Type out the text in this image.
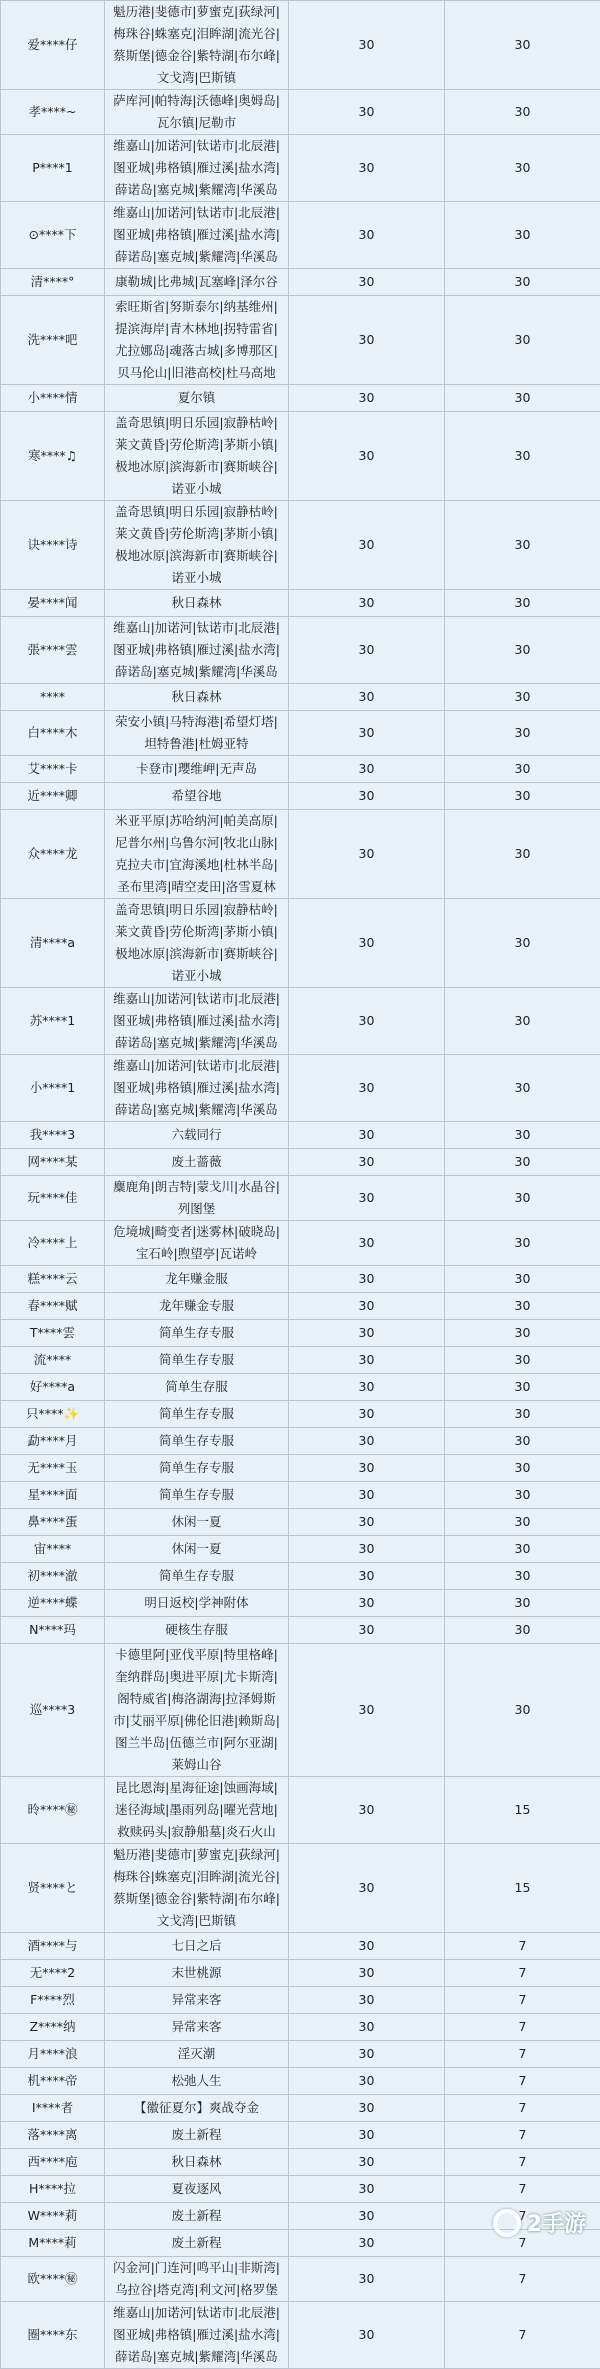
爱****仔	魁历港|斐德市|萝蜜克|荻绿河|梅珠谷|蛛塞克|泪眸湖|流光谷|蔡斯堡|德金谷|紫特湖|布尔峰|文戈湾|巴斯镇	30	30
孝****~	萨库河|帕特海|沃德峰|奥姆岛|瓦尔镇|尼勒市	30	30
P****1	维嘉山|加诺河|钛诺市|北辰港|图亚城|弗格镇|雁过溪|盐水湾|薛诺岛|塞克城|紫耀湾|华溪岛	30	30
⊙****下	维嘉山|加诺河|钛诺市|北辰港|图亚城|弗格镇|雁过溪|盐水湾|薛诺岛|塞克城|紫耀湾|华溪岛	30	30
清****°	康勒城|比弗城|瓦塞峰|泽尔谷	30	30
洗****吧	索旺斯省|努斯泰尔|纳基维州|提滨海岸|青木林地|拐特雷省|尤拉娜岛|魂落古城|多博那区|贝马伦山|旧港高校|杜马高地	30	30
小****情	夏尔镇	30	30
寒****♫	盖奇思镇|明日乐园|寂静枯岭|莱文黄昏|劳伦斯湾|茅斯小镇|极地冰原|滨海新市|赛斯峡谷|诺亚小城	30	30
诀****诗	盖奇思镇|明日乐园|寂静枯岭|莱文黄昏|劳伦斯湾|茅斯小镇|极地冰原|滨海新市|赛斯峡谷|诺亚小城	30	30
晏****闻	秋日森林	30	30
張****雲	维嘉山|加诺河|钛诺市|北辰港|图亚城|弗格镇|雁过溪|盐水湾|薛诺岛|塞克城|紫耀湾|华溪岛	30	30
****	秋日森林	30	30
白****木	荣安小镇|马特海港|希望灯塔|坦特鲁港|杜姆亚特	30	30
艾****卡	卡登市|瓔维岬|无声岛	30	30
近****卿	希望谷地	30	30
众****龙	米亚平原|苏哈纳河|帕美高原|尼普尔州|乌鲁尔河|牧北山脉|克拉夫市|宜海溪地|杜林半岛|圣布里湾|晴空麦田|洛雪夏林	30	30
清****a	盖奇思镇|明日乐园|寂静枯岭|莱文黄昏|劳伦斯湾|茅斯小镇|极地冰原|滨海新市|赛斯峡谷|诺亚小城	30	30
苏****1	维嘉山|加诺河|钛诺市|北辰港|图亚城|弗格镇|雁过溪|盐水湾|薛诺岛|塞克城|紫耀湾|华溪岛	30	30
小****1	维嘉山|加诺河|钛诺市|北辰港|图亚城|弗格镇|雁过溪|盐水湾|薛诺岛|塞克城|紫耀湾|华溪岛	30	30
我****3	六载同行	30	30
网****某	废土蔷薇	30	30
玩****佳	麋鹿角|朗吉特|蒙戈川|水晶谷|列图堡	30	30
冷****上	危境城|畸变者|迷雾林|破晓岛|宝石岭|煦望亭|瓦诺岭	30	30
糕****云	龙年赚金服	30	30
春****赋	龙年赚金专服	30	30
T****雲	简单生存专服	30	30
流****	简单生存专服	30	30
好****a	简单生存服	30	30
只****✨	简单生存专服	30	30
勐****月	简单生存专服	30	30
无****玉	简单生存专服	30	30
星****面	简单生存专服	30	30
鼻****蛋	休闲一夏	30	30
宙****	休闲一夏	30	30
初****澈	简单生存专服	30	30
逆****蝶	明日返校|学神附体	30	30
N****玛	硬核生存服	30	30
巡****3	卡德里阿|亚伐平原|特里格峰|奎纳群岛|奥进平原|尤卡斯湾|阁特威省|梅洛湖海|拉泽姆斯市|艾丽平原|佛伦旧港|赖斯岛|图兰半岛|伍德兰市|阿尔亚湖|莱姆山谷	30	30
昤****㊙	昆比恩海|星海征途|蚀画海域|迷径海域|墨雨列岛|曜光营地|救赎码头|寂静船墓|炎石火山	30	15
贤****と	魁历港|斐德市|萝蜜克|荻绿河|梅珠谷|蛛塞克|泪眸湖|流光谷|蔡斯堡|德金谷|紫特湖|布尔峰|文戈湾|巴斯镇	30	15
酒****与	七日之后	30	7
无****2	末世桃源	30	7
F****烈	异常来客	30	7
Z****纳	异常来客	30	7
月****浪	淫灭潮	30	7
机****帝	松弛人生	30	7
I****者	【徽征夏尔】爽战夺金	30	7
落****离	废土新程	30	7
西****庖	秋日森林	30	7
H****拉	夏夜逐风	30	7
W****莉	废土新程	30	7
M****莉	废土新程	30	7
欧****㊙	闪金河|门连河|鸣平山|非斯湾|乌拉谷|塔克湾|利文河|格罗堡	30	7
圈****东	维嘉山|加诺河|钛诺市|北辰港|图亚城|弗格镇|雁过溪|盐水湾|薛诺岛|塞克城|紫耀湾|华溪岛	30	7
2手游
